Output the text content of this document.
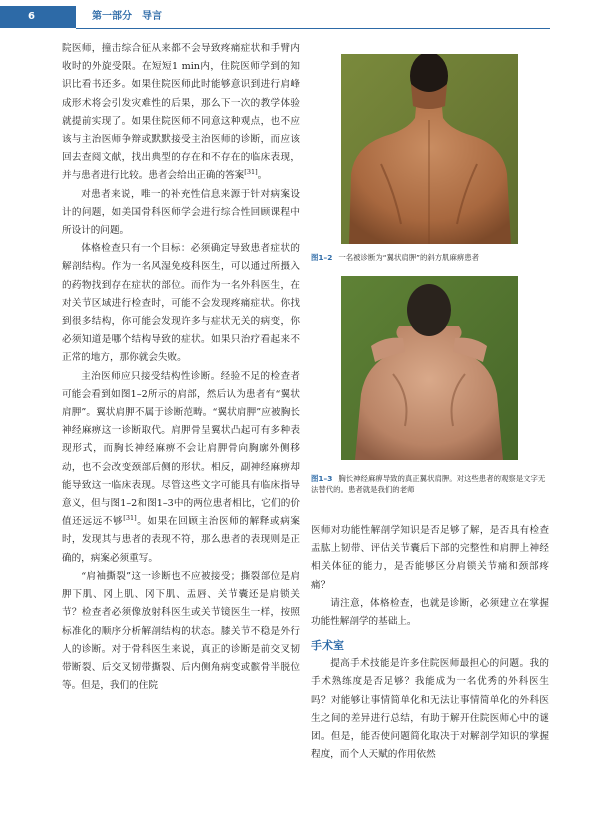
6	第一部分　导言

院医师，撞击综合征从来都不会导致疼痛症状和手臂内收时的外旋受限。在短短1 min内，住院医师学到的知识比看书还多。如果住院医师此时能够意识到进行肩峰成形术将会引发灾难性的后果，那么下一次的教学体验就提前实现了。如果住院医师不同意这种观点，也不应该与主治医师争辩或默默接受主治医师的诊断，而应该回去查阅文献，找出典型的存在和不存在的临床表现，并与患者进行比较。患者会给出正确的答案[31]。

对患者来说，唯一的补充性信息来源于针对病案设计的问题，如美国骨科医师学会进行综合性回顾课程中所设计的问题。

体格检查只有一个目标：必须确定导致患者症状的解剖结构。作为一名风湿免疫科医生，可以通过所摄入的药物找到存在症状的部位。而作为一名外科医生，在对关节区域进行检查时，可能不会发现疼痛症状。你找到很多结构，你可能会发现许多与症状无关的病变，你必须知道是哪个结构导致的症状。如果只治疗看起来不正常的地方，那你就会失败。

主治医师应只接受结构性诊断。经验不足的检查者可能会看到如图1–2所示的肩部，然后认为患者有“翼状肩胛”。翼状肩胛不属于诊断范畴。“翼状肩胛”应被胸长神经麻痹这一诊断取代。肩胛骨呈翼状凸起可有多种表现形式，而胸长神经麻痹不会让肩胛骨向胸廓外侧移动，也不会改变颈部后侧的形状。相反，副神经麻痹却能导致这一临床表现。尽管这些文字可能具有临床指导意义，但与图1–2和图1–3中的两位患者相比，它们的价值还远远不够[31]。如果在回顾主治医师的解释或病案时，发现其与患者的表现不符，那么患者的表现则是正确的，病案必须重写。

“肩袖撕裂”这一诊断也不应被接受；撕裂部位是肩胛下肌、冈上肌、冈下肌、盂唇、关节囊还是肩锁关节？检查者必须像放射科医生或关节镜医生一样，按照标准化的顺序分析解剖结构的状态。膝关节不稳是外行人的诊断。对于骨科医生来说，真正的诊断是前交叉韧带断裂、后交叉韧带撕裂、后内侧角病变或髌骨半脱位等。但是，我们的住院

图1–2 一名被诊断为“翼状肩胛”的斜方肌麻痹患者
图1–3 胸长神经麻痹导致的真正翼状肩胛。对这些患者的观察是文字无法替代的。患者就是我们的老师

医师对功能性解剖学知识是否足够了解，是否具有检查盂肱上韧带、评估关节囊后下部的完整性和肩胛上神经相关体征的能力，是否能够区分肩锁关节痛和颈部疼痛？

请注意，体格检查，也就是诊断，必须建立在掌握功能性解剖学的基础上。

手术室

提高手术技能是许多住院医师最担心的问题。我的手术熟练度是否足够？我能成为一名优秀的外科医生吗？对能够让事情简单化和无法让事情简单化的外科医生之间的差异进行总结，有助于解开住院医师心中的谜团。但是，能否使问题简化取决于对解剖学知识的掌握程度，而个人天赋的作用依然
